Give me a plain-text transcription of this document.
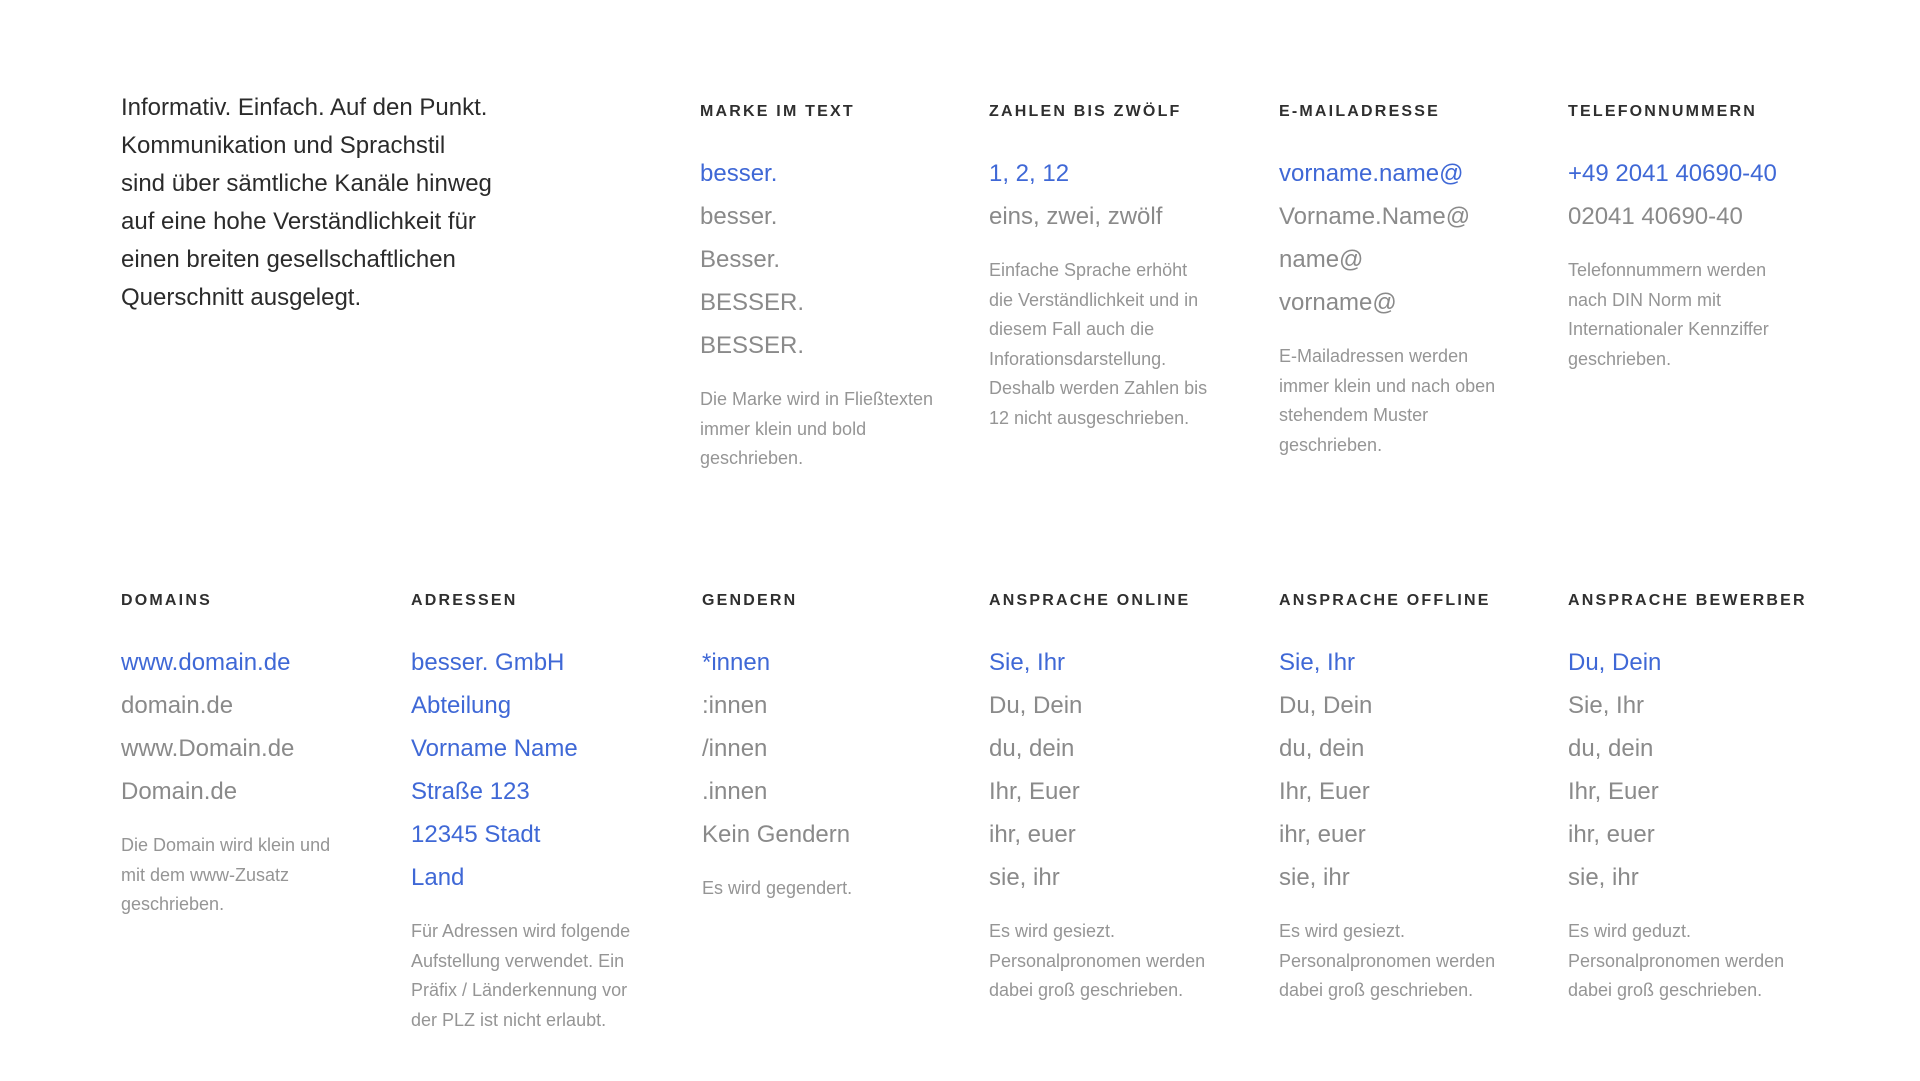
Informativ. Einfach. Auf den Punkt.
Kommunikation und Sprachstil
sind über sämtliche Kanäle hinweg
auf eine hohe Verständlichkeit für
einen breiten gesellschaftlichen
Querschnitt ausgelegt.
MARKE IM TEXT
besser.
besser.
Besser.
BESSER.
BESSER.
Die Marke wird in Fließtexten
immer klein und bold
geschrieben.
ZAHLEN BIS ZWÖLF
1, 2, 12
eins, zwei, zwölf
Einfache Sprache erhöht
die Verständlichkeit und in
diesem Fall auch die
Inforationsdarstellung.
Deshalb werden Zahlen bis
12 nicht ausgeschrieben.
E-MAILADRESSE
vorname.name@
Vorname.Name@
name@
vorname@
E-Mailadressen werden
immer klein und nach oben
stehendem Muster
geschrieben.
TELEFONNUMMERN
+49 2041 40690-40
02041 40690-40
Telefonnummern werden
nach DIN Norm mit
Internationaler Kennziffer
geschrieben.
DOMAINS
www.domain.de
domain.de
www.Domain.de
Domain.de
Die Domain wird klein und
mit dem www-Zusatz
geschrieben.
ADRESSEN
besser. GmbH
Abteilung
Vorname Name
Straße 123
12345 Stadt
Land
Für Adressen wird folgende
Aufstellung verwendet. Ein
Präfix / Länderkennung vor
der PLZ ist nicht erlaubt.
GENDERN
*innen
:innen
/innen
.innen
Kein Gendern
Es wird gegendert.
ANSPRACHE ONLINE
Sie, Ihr
Du, Dein
du, dein
Ihr, Euer
ihr, euer
sie, ihr
Es wird gesiezt.
Personalpronomen werden
dabei groß geschrieben.
ANSPRACHE OFFLINE
Sie, Ihr
Du, Dein
du, dein
Ihr, Euer
ihr, euer
sie, ihr
Es wird gesiezt.
Personalpronomen werden
dabei groß geschrieben.
ANSPRACHE BEWERBER
Du, Dein
Sie, Ihr
du, dein
Ihr, Euer
ihr, euer
sie, ihr
Es wird geduzt.
Personalpronomen werden
dabei groß geschrieben.
